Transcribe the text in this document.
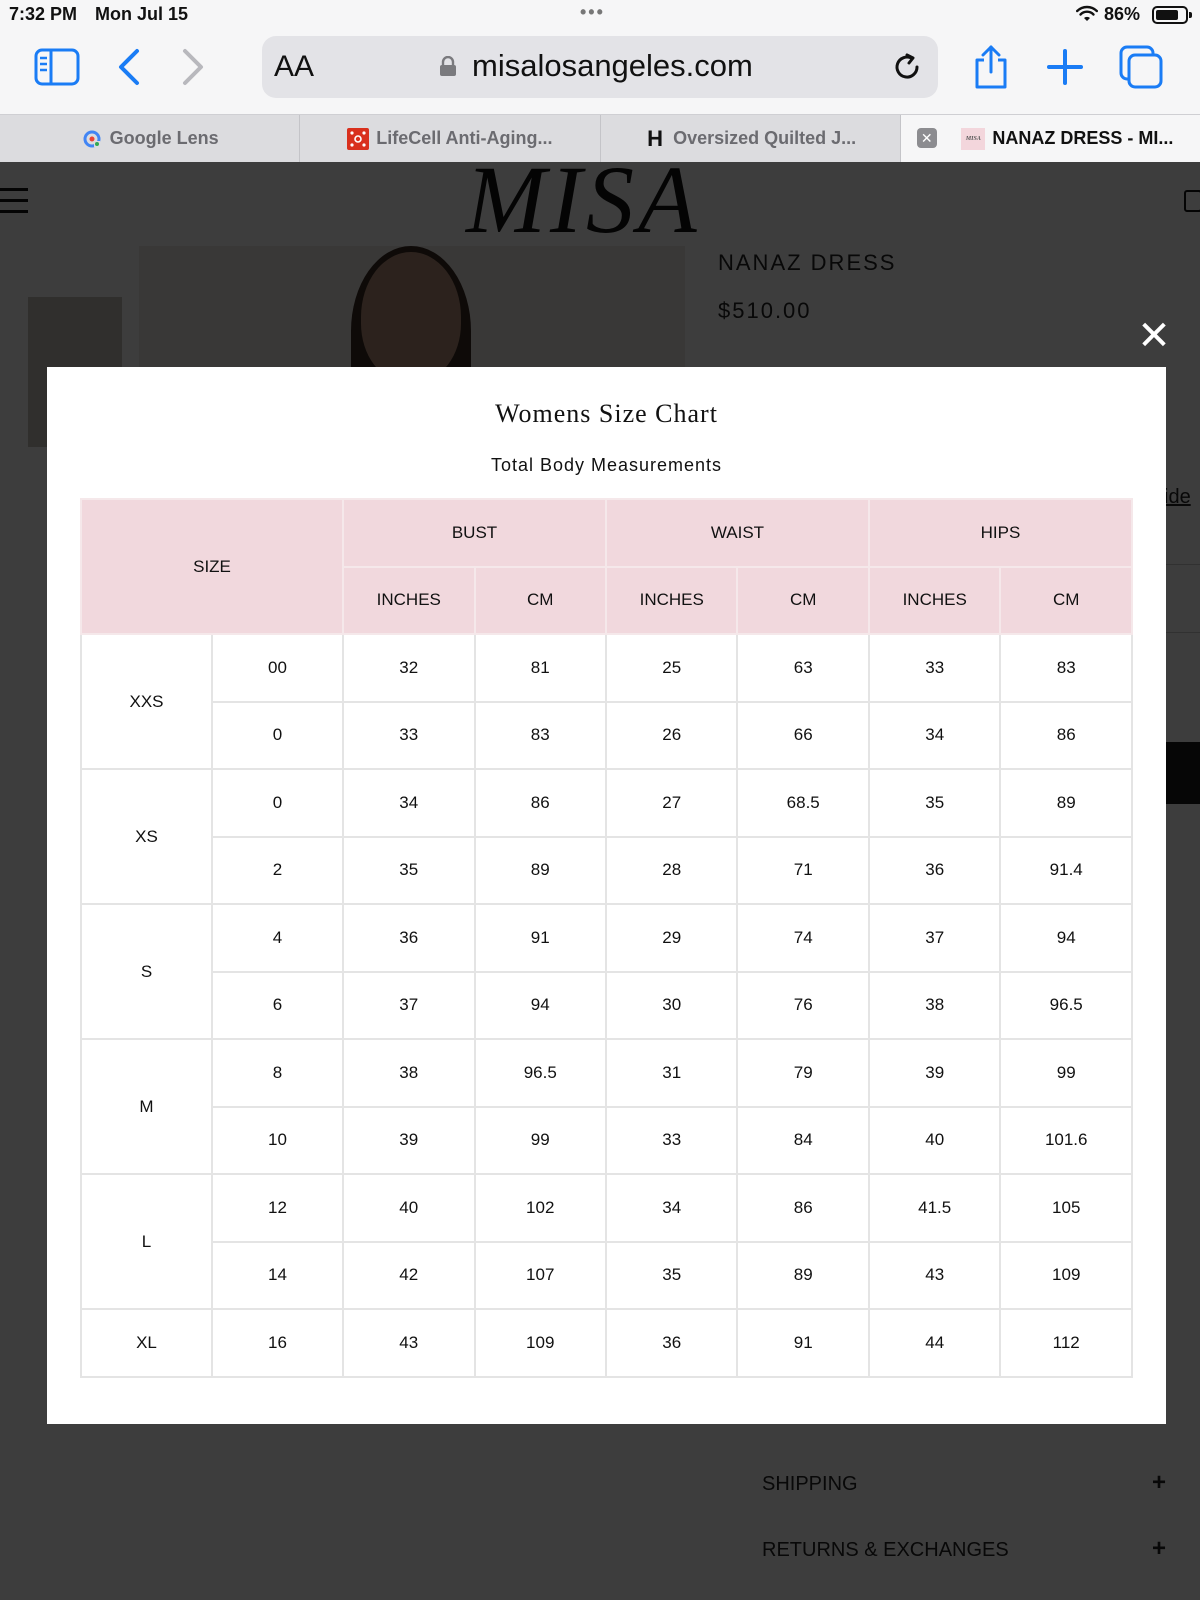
7:32 PM Mon Jul 15	•••	86%
AA	misalosangeles.com
Google Lens	LifeCell Anti-Aging...	H Oversized Quilted J...	✕	MISA NANAZ DRESS - MI...
✕
Womens Size Chart
Total Body Measurements
SIZE		BUST		WAIST		HIPS	
		INCHES	CM	INCHES	CM	INCHES	CM
XXS	00	32	81	25	63	33	83
	0	33	83	26	66	34	86
XS	0	34	86	27	68.5	35	89
	2	35	89	28	71	36	91.4
S	4	36	91	29	74	37	94
	6	37	94	30	76	38	96.5
M	8	38	96.5	31	79	39	99
	10	39	99	33	84	40	101.6
L	12	40	102	34	86	41.5	105
	14	42	107	35	89	43	109
XL	16	43	109	36	91	44	112
